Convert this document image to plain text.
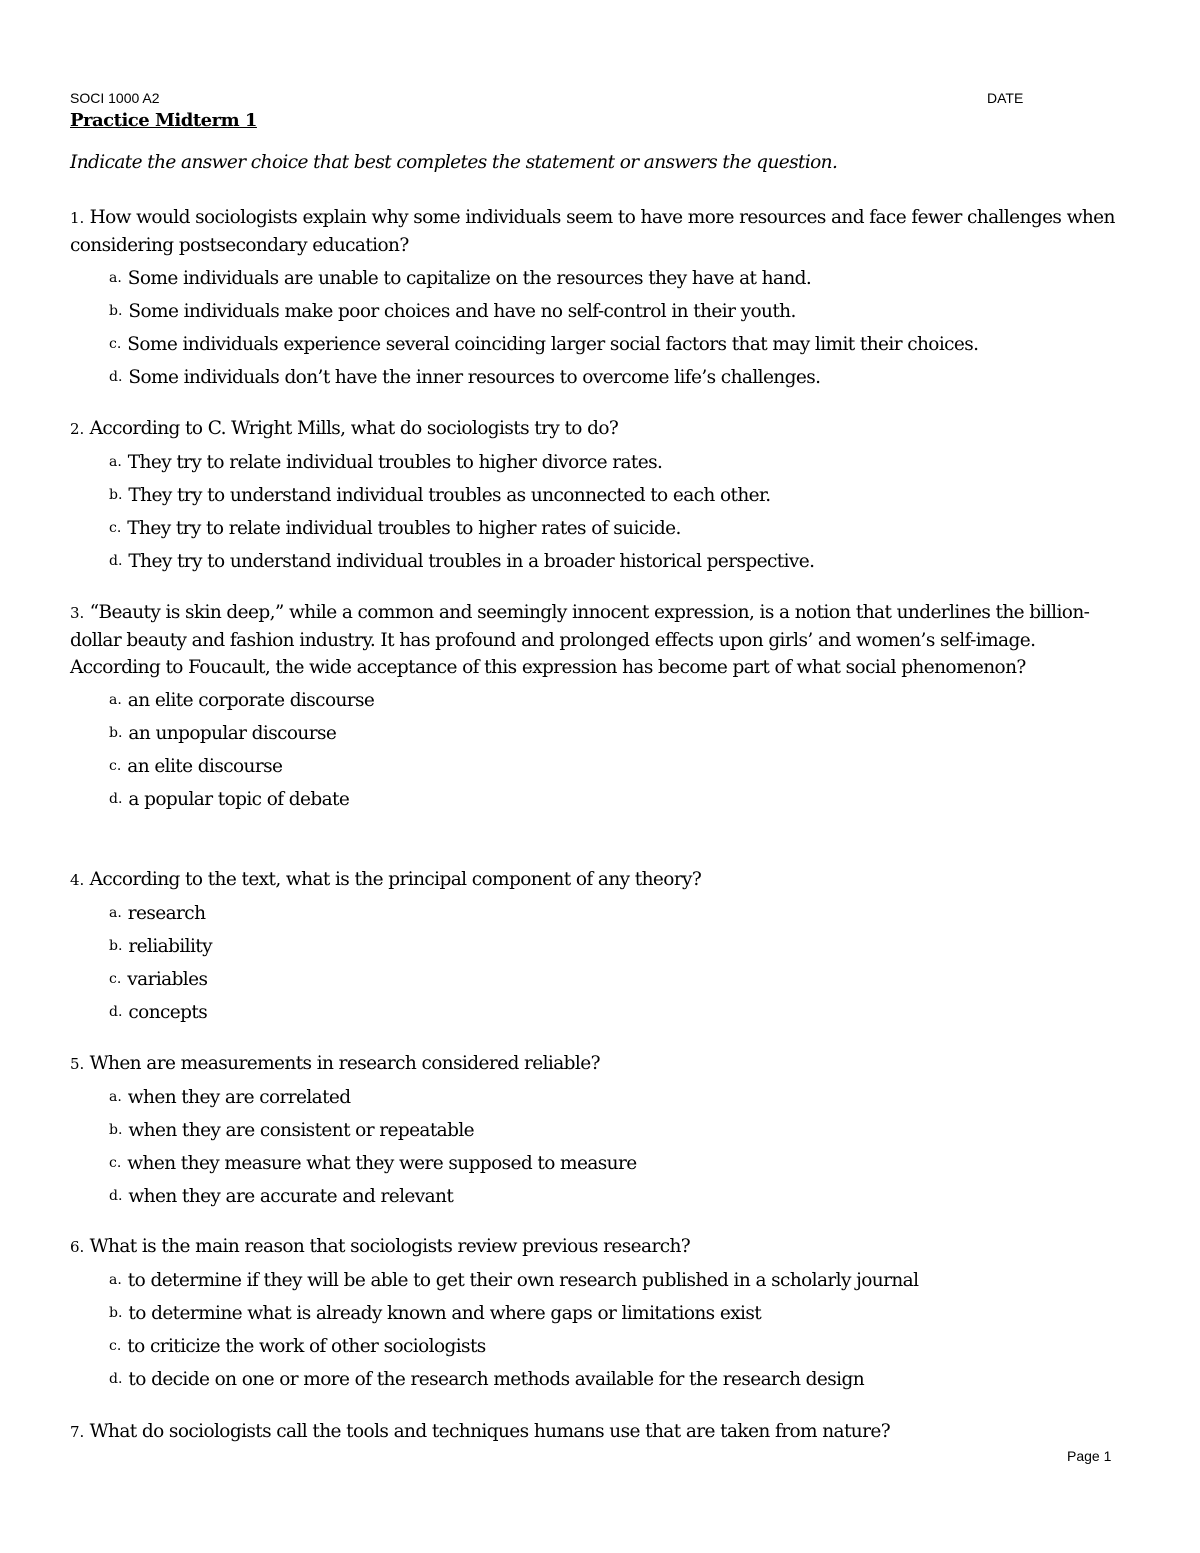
SOCI 1000 A2	DATE
Practice Midterm 1
Indicate the answer choice that best completes the statement or answers the question.
1. How would sociologists explain why some individuals seem to have more resources and face fewer challenges when considering postsecondary education?
a. Some individuals are unable to capitalize on the resources they have at hand.
b. Some individuals make poor choices and have no self-control in their youth.
c. Some individuals experience several coinciding larger social factors that may limit their choices.
d. Some individuals don’t have the inner resources to overcome life’s challenges.
2. According to C. Wright Mills, what do sociologists try to do?
a. They try to relate individual troubles to higher divorce rates.
b. They try to understand individual troubles as unconnected to each other.
c. They try to relate individual troubles to higher rates of suicide.
d. They try to understand individual troubles in a broader historical perspective.
3. “Beauty is skin deep,” while a common and seemingly innocent expression, is a notion that underlines the billion-dollar beauty and fashion industry. It has profound and prolonged effects upon girls’ and women’s self-image. According to Foucault, the wide acceptance of this expression has become part of what social phenomenon?
a. an elite corporate discourse
b. an unpopular discourse
c. an elite discourse
d. a popular topic of debate
4. According to the text, what is the principal component of any theory?
a. research
b. reliability
c. variables
d. concepts
5. When are measurements in research considered reliable?
a. when they are correlated
b. when they are consistent or repeatable
c. when they measure what they were supposed to measure
d. when they are accurate and relevant
6. What is the main reason that sociologists review previous research?
a. to determine if they will be able to get their own research published in a scholarly journal
b. to determine what is already known and where gaps or limitations exist
c. to criticize the work of other sociologists
d. to decide on one or more of the research methods available for the research design
7. What do sociologists call the tools and techniques humans use that are taken from nature?
Page 1
